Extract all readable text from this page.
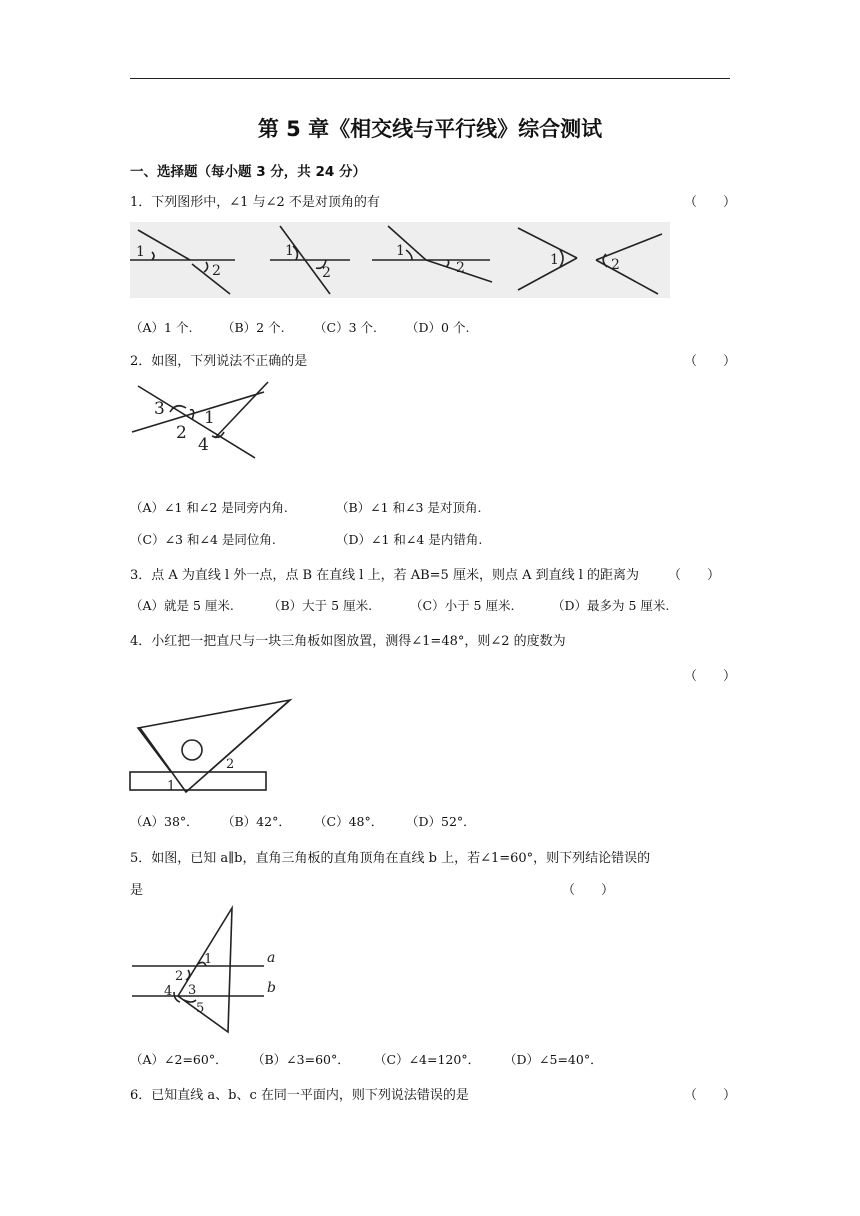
第 5 章《相交线与平行线》综合测试
一、选择题（每小题 3 分，共 24 分）
1．下列图形中，∠1 与∠2 不是对顶角的有	（　　）
1
2
1
2
1
2	1	2
（A）1 个. （B）2 个. （C）3 个. （D）0 个.
2．如图，下列说法不正确的是	（　　）
3 1
2
4
（A）∠1 和∠2 是同旁内角.	（B）∠1 和∠3 是对顶角.
（C）∠3 和∠4 是同位角.	（D）∠1 和∠4 是内错角.
3．点 A 为直线 l 外一点，点 B 在直线 l 上，若 AB=5 厘米，则点 A 到直线 l 的距离为 （　　）
（A）就是 5 厘米.	（B）大于 5 厘米.	（C）小于 5 厘米.	（D）最多为 5 厘米.
4．小红把一把直尺与一块三角板如图放置，测得∠1=48°，则∠2 的度数为
（　　）
1
2
（A）38°． （B）42°． （C）48°． （D）52°．
5．如图，已知 a∥b，直角三角板的直角顶角在直线 b 上，若∠1=60°，则下列结论错误的
是	（　　）
1
2
3
4
5
a
b
（A）∠2=60°． （B）∠3=60°． （C）∠4=120°． （D）∠5=40°．
6．已知直线 a、b、c 在同一平面内，则下列说法错误的是	（　　）
